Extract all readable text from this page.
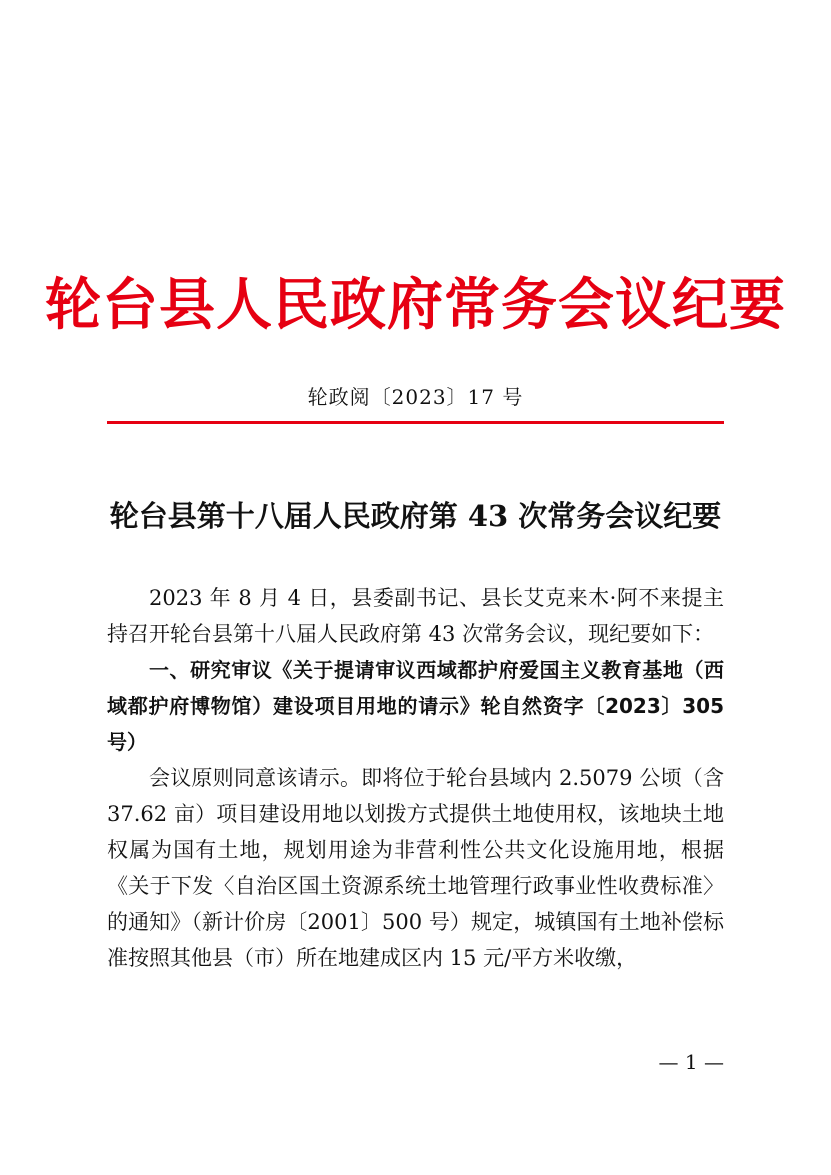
轮台县人民政府常务会议纪要
轮政阅〔2023〕17 号
轮台县第十八届人民政府第 43 次常务会议纪要

2023 年 8 月 4 日，县委副书记、县长艾克来木·阿不来提主持召开轮台县第十八届人民政府第 43 次常务会议，现纪要如下：

一、研究审议《关于提请审议西域都护府爱国主义教育基地（西域都护府博物馆）建设项目用地的请示》轮自然资字〔2023〕305 号）

会议原则同意该请示。即将位于轮台县域内 2.5079 公顷（含 37.62 亩）项目建设用地以划拨方式提供土地使用权，该地块土地权属为国有土地，规划用途为非营利性公共文化设施用地，根据《关于下发〈自治区国土资源系统土地管理行政事业性收费标准〉的通知》（新计价房〔2001〕500 号）规定，城镇国有土地补偿标准按照其他县（市）所在地建成区内 15 元/平方米收缴，

— 1 —
